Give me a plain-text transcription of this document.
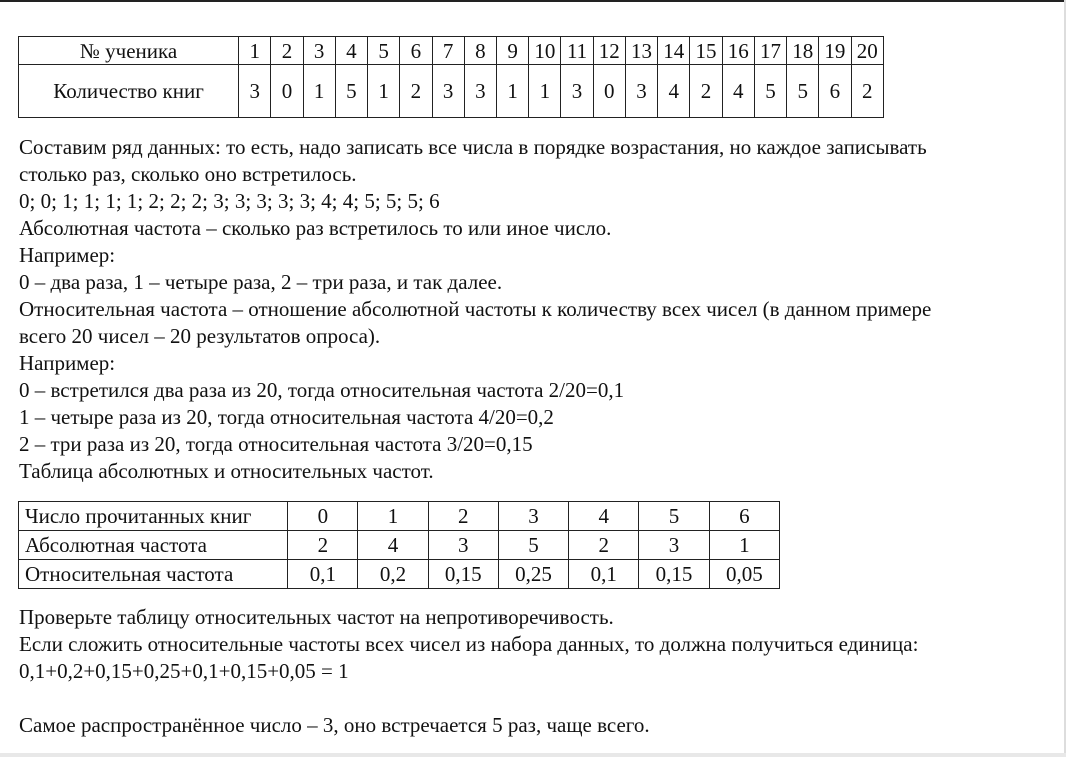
№ ученика	1	2	3	4	5	6	7	8	9	10	11	12	13	14	15	16	17	18	19	20
Количество книг	3	0	1	5	1	2	3	3	1	1	3	0	3	4	2	4	5	5	6	2

Составим ряд данных: то есть, надо записать все числа в порядке возрастания, но каждое записывать

столько раз, сколько оно встретилось.

0; 0; 1; 1; 1; 1; 2; 2; 2; 3; 3; 3; 3; 3; 4; 4; 5; 5; 5; 6

Абсолютная частота – сколько раз встретилось то или иное число.

Например:

0 – два раза, 1 – четыре раза, 2 – три раза, и так далее.

Относительная частота – отношение абсолютной частоты к количеству всех чисел (в данном примере

всего 20 чисел – 20 результатов опроса).

Например:

0 – встретился два раза из 20, тогда относительная частота 2/20=0,1

1 – четыре раза из 20, тогда относительная частота 4/20=0,2

2 – три раза из 20, тогда относительная частота 3/20=0,15

Таблица абсолютных и относительных частот.

Число прочитанных книг	0	1	2	3	4	5	6
Абсолютная частота	2	4	3	5	2	3	1
Относительная частота	0,1	0,2	0,15	0,25	0,1	0,15	0,05

Проверьте таблицу относительных частот на непротиворечивость.

Если сложить относительные частоты всех чисел из набора данных, то должна получиться единица:

0,1+0,2+0,15+0,25+0,1+0,15+0,05 = 1

Самое распространённое число – 3, оно встречается 5 раз, чаще всего.
